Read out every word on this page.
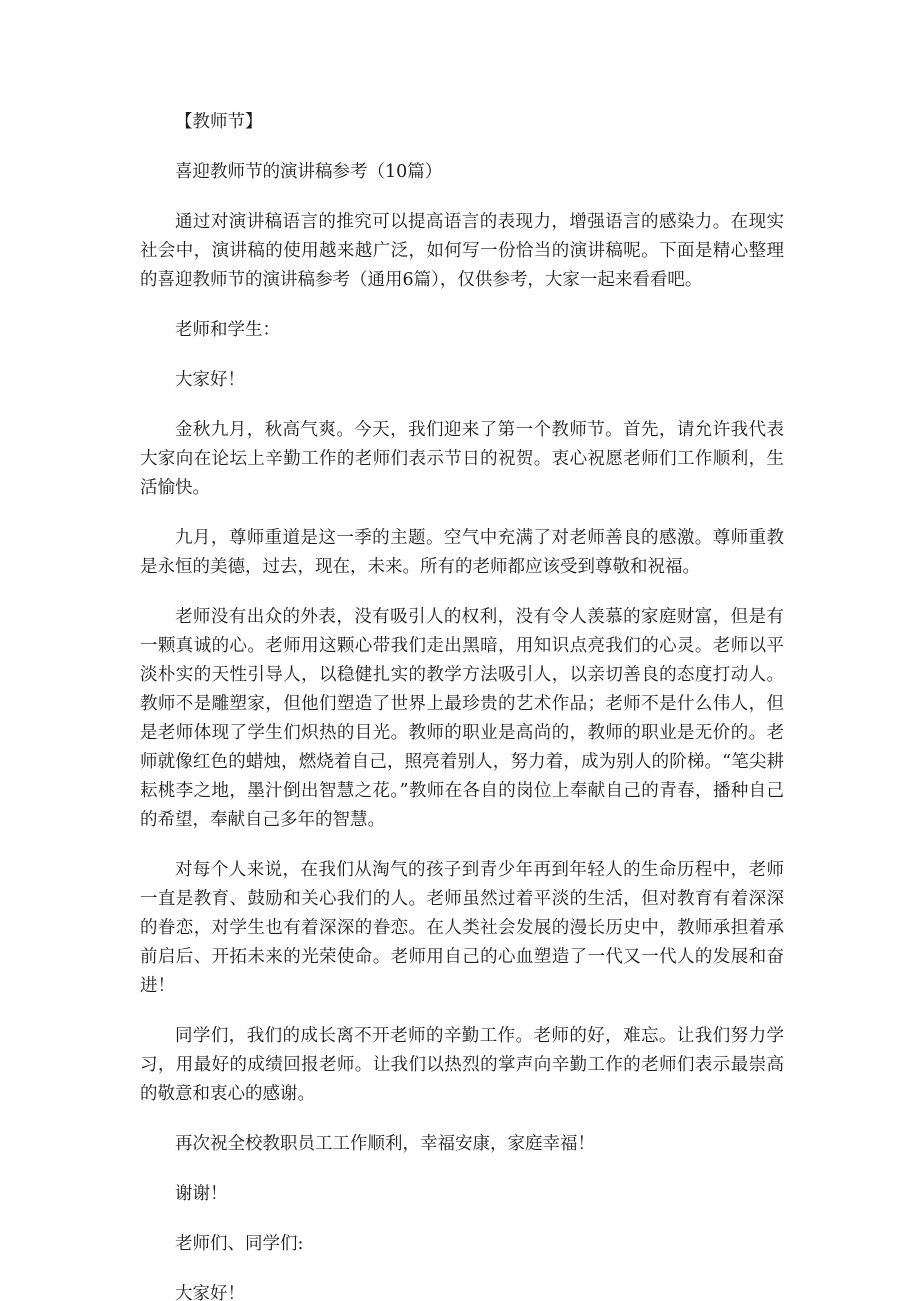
【教师节】
喜迎教师节的演讲稿参考（10篇）

通过对演讲稿语言的推究可以提高语言的表现力，增强语言的感染力。在现实社会中，演讲稿的使用越来越广泛，如何写一份恰当的演讲稿呢。下面是精心整理的喜迎教师节的演讲稿参考（通用6篇），仅供参考，大家一起来看看吧。

老师和学生：

大家好！

金秋九月，秋高气爽。今天，我们迎来了第一个教师节。首先，请允许我代表大家向在论坛上辛勤工作的老师们表示节日的祝贺。衷心祝愿老师们工作顺利，生活愉快。

九月，尊师重道是这一季的主题。空气中充满了对老师善良的感激。尊师重教是永恒的美德，过去，现在，未来。所有的老师都应该受到尊敬和祝福。

老师没有出众的外表，没有吸引人的权利，没有令人羡慕的家庭财富，但是有一颗真诚的心。老师用这颗心带我们走出黑暗，用知识点亮我们的心灵。老师以平淡朴实的天性引导人，以稳健扎实的教学方法吸引人，以亲切善良的态度打动人。教师不是雕塑家，但他们塑造了世界上最珍贵的艺术作品；老师不是什么伟人，但是老师体现了学生们炽热的目光。教师的职业是高尚的，教师的职业是无价的。老师就像红色的蜡烛，燃烧着自己，照亮着别人，努力着，成为别人的阶梯。“笔尖耕耘桃李之地，墨汁倒出智慧之花。”教师在各自的岗位上奉献自己的青春，播种自己的希望，奉献自己多年的智慧。

对每个人来说，在我们从淘气的孩子到青少年再到年轻人的生命历程中，老师一直是教育、鼓励和关心我们的人。老师虽然过着平淡的生活，但对教育有着深深的眷恋，对学生也有着深深的眷恋。在人类社会发展的漫长历史中，教师承担着承前启后、开拓未来的光荣使命。老师用自己的心血塑造了一代又一代人的发展和奋进！

同学们，我们的成长离不开老师的辛勤工作。老师的好，难忘。让我们努力学习，用最好的成绩回报老师。让我们以热烈的掌声向辛勤工作的老师们表示最崇高的敬意和衷心的感谢。

再次祝全校教职员工工作顺利，幸福安康，家庭幸福！

谢谢！

老师们、同学们:

大家好！
